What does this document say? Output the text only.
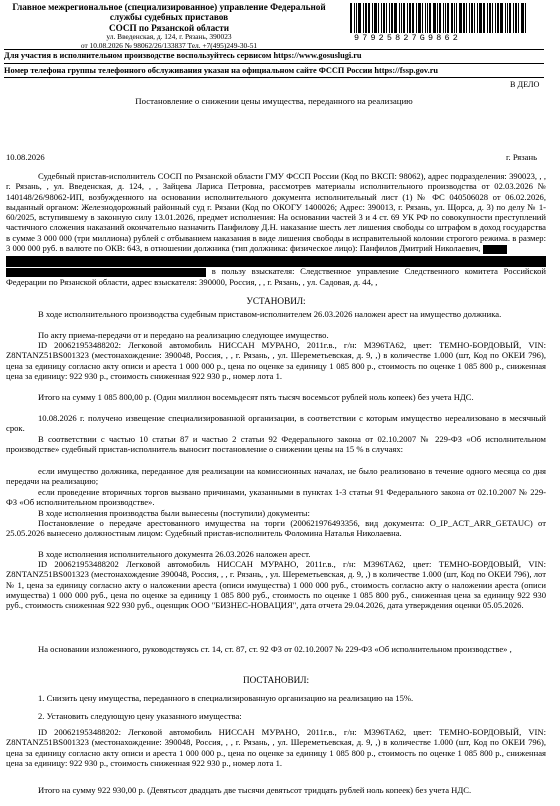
Главное межрегиональное (специализированное) управление Федеральной
службы судебных приставов
СОСП по Рязанской области
ул. Введенская, д. 124, г. Рязань, 390023
от 10.08.2026 № 98062/26/133837 Тел. +7(495)249-30-51
97925827G9862
Для участия в исполнительном производстве воспользуйтесь сервисом https://www.gosuslugi.ru
Номер телефона группы телефонного обслуживания указан на официальном сайте ФССП России https://fssp.gov.ru
В ДЕЛО
Постановление о снижении цены имущества, переданного на реализацию
10.08.2026	г. Рязань
Судебный пристав-исполнитель СОСП по Рязанской области ГМУ ФССП России (Код по ВКСП: 98062), адрес подразделения: 390023, , , г. Рязань, , ул. Введенская, д. 124, , , Зайцева Лариса Петровна, рассмотрев материалы исполнительного производства от 02.03.2026 № 140148/26/98062-ИП, возбужденного на основании исполнительного документа исполнительный лист (1) № ФС 040506028 от 06.02.2026, выданный органом: Железнодорожный районный суд г. Рязани (Код по ОКОГУ 1400026; Адрес: 390013, г. Рязань, ул. Щорса, д. 3) по делу № 1-60/2025, вступившему в законную силу 13.01.2026, предмет исполнения: На основании частей 3 и 4 ст. 69 УК РФ по совокупности преступлений частичного сложения наказаний окончательно назначить Панфилову Д.Н. наказание шесть лет лишения свободы со штрафом в доход государства в сумме 3 000 000 (три миллиона) рублей с отбыванием наказания в виде лишения свободы в исправительной колонии строгого режима. в размер: 3 000 000 руб. в валюте по ОКВ: 643, в отношении должника (тип должника: физическое лицо): Панфилов Дмитрий Николаевич,
в пользу взыскателя: Следственное управление Следственного комитета Российской Федерации по Рязанской области, адрес взыскателя: 390000, Россия, , , г. Рязань, , ул. Садовая, д. 44, ,
УСТАНОВИЛ:
В ходе исполнительного производства судебным приставом-исполнителем 26.03.2026 наложен арест на имущество должника.
По акту приема-передачи от и передано на реализацию следующее имущество.
ID 200621953488202: Легковой автомобиль НИССАН МУРАНО, 2011г.в., г/н: М396ТА62, цвет: ТЕМНО-БОРДОВЫЙ, VIN: Z8NTANZ51BS001323 (местонахождение: 390048, Россия, , , г. Рязань, , ул. Шереметьевская, д. 9, ,) в количестве 1.000 (шт, Код по ОКЕИ 796), цена за единицу согласно акту описи и ареста 1 000 000 р., цена по оценке за единицу 1 085 800 р., стоимость по оценке 1 085 800 р., сниженная цена за единицу: 922 930 р., стоимость сниженная 922 930 р., номер лота 1.
Итого на сумму 1 085 800,00 р. (Один миллион восемьдесят пять тысяч восемьсот рублей ноль копеек) без учета НДС.
10.08.2026 г. получено извещение специализированной организации, в соответствии с которым имущество нереализовано в месячный срок.
В соответствии с частью 10 статьи 87 и частью 2 статьи 92 Федерального закона от 02.10.2007 № 229-ФЗ «Об исполнительном производстве» судебный пристав-исполнитель выносит постановление о снижении цены на 15 % в случаях:
если имущество должника, переданное для реализации на комиссионных началах, не было реализовано в течение одного месяца со дня передачи на реализацию;
если проведение вторичных торгов вызвано причинами, указанными в пунктах 1-3 статьи 91 Федерального закона от 02.10.2007 № 229-ФЗ «Об исполнительном производстве».
В ходе исполнения производства были вынесены (поступили) документы:
Постановление о передаче арестованного имущества на торги (200621976493356, вид документа: O_IP_ACT_ARR_GETAUC) от 25.05.2026 вынесено должностным лицом: Судебный пристав-исполнитель Фоломина Наталья Николаевна.
В ходе исполнения исполнительного документа 26.03.2026 наложен арест.
ID 200621953488202 Легковой автомобиль НИССАН МУРАНО, 2011г.в., г/н: М396ТА62, цвет: ТЕМНО-БОРДОВЫЙ, VIN: Z8NTANZ51BS001323 (местонахождение 390048, Россия, , , г. Рязань, , ул. Шереметьевская, д. 9, ,) в количестве 1.000 (шт, Код по ОКЕИ 796), лот № 1, цена за единицу согласно акту о наложении ареста (описи имущества) 1 000 000 руб., стоимость согласно акту о наложении ареста (описи имущества) 1 000 000 руб., цена по оценке за единицу 1 085 800 руб., стоимость по оценке 1 085 800 руб., сниженная цена за единицу 922 930 руб., стоимость сниженная 922 930 руб., оценщик ООО "БИЗНЕС-НОВАЦИЯ", дата отчета 29.04.2026, дата утверждения оценки 05.05.2026.
На основании изложенного, руководствуясь ст. 14, ст. 87, ст. 92 ФЗ от 02.10.2007 № 229-ФЗ «Об исполнительном производстве» ,
ПОСТАНОВИЛ:
1. Снизить цену имущества, переданного в специализированную организацию на реализацию на 15%.
2. Установить следующую цену указанного имущества:
ID 200621953488202: Легковой автомобиль НИССАН МУРАНО, 2011г.в., г/н: М396ТА62, цвет: ТЕМНО-БОРДОВЫЙ, VIN: Z8NTANZ51BS001323 (местонахождение: 390048, Россия, , , г. Рязань, , ул. Шереметьевская, д. 9, ,) в количестве 1.000 (шт, Код по ОКЕИ 796), цена за единицу согласно акту описи и ареста 1 000 000 р., цена по оценке за единицу 1 085 800 р., стоимость по оценке 1 085 800 р., сниженная цена за единицу: 922 930 р., стоимость сниженная 922 930 р., номер лота 1.
Итого на сумму 922 930,00 р. (Девятьсот двадцать две тысячи девятьсот тридцать рублей ноль копеек) без учета НДС.
